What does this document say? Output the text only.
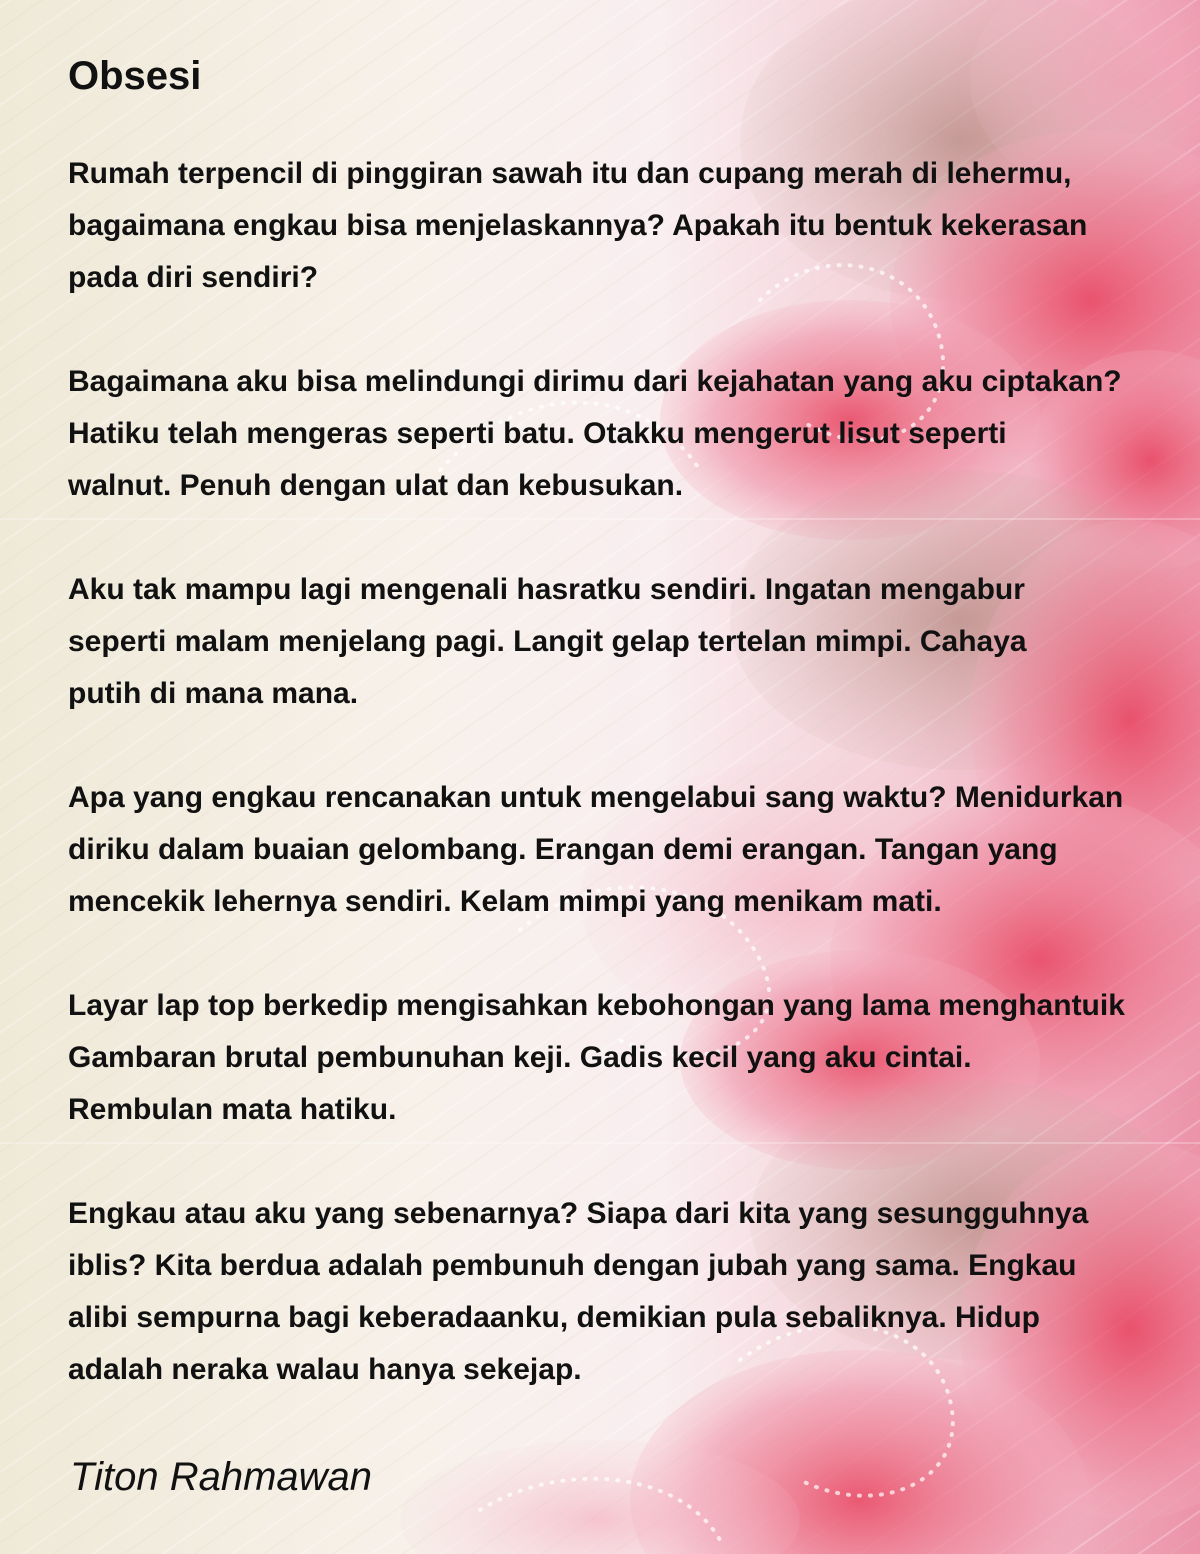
Obsesi
Rumah terpencil di pinggiran sawah itu dan cupang merah di lehermu,
bagaimana engkau bisa menjelaskannya? Apakah itu bentuk kekerasan
pada diri sendiri?
Bagaimana aku bisa melindungi dirimu dari kejahatan yang aku ciptakan?
Hatiku telah mengeras seperti batu. Otakku mengerut lisut seperti
walnut. Penuh dengan ulat dan kebusukan.
Aku tak mampu lagi mengenali hasratku sendiri. Ingatan mengabur
seperti malam menjelang pagi. Langit gelap tertelan mimpi. Cahaya
putih di mana mana.
Apa yang engkau rencanakan untuk mengelabui sang waktu? Menidurkan
diriku dalam buaian gelombang. Erangan demi erangan. Tangan yang
mencekik lehernya sendiri. Kelam mimpi yang menikam mati.
Layar lap top berkedip mengisahkan kebohongan yang lama menghantuik
Gambaran brutal pembunuhan keji. Gadis kecil yang aku cintai.
Rembulan mata hatiku.
Engkau atau aku yang sebenarnya? Siapa dari kita yang sesungguhnya
iblis? Kita berdua adalah pembunuh dengan jubah yang sama. Engkau
alibi sempurna bagi keberadaanku, demikian pula sebaliknya. Hidup
adalah neraka walau hanya sekejap.

Titon Rahmawan
